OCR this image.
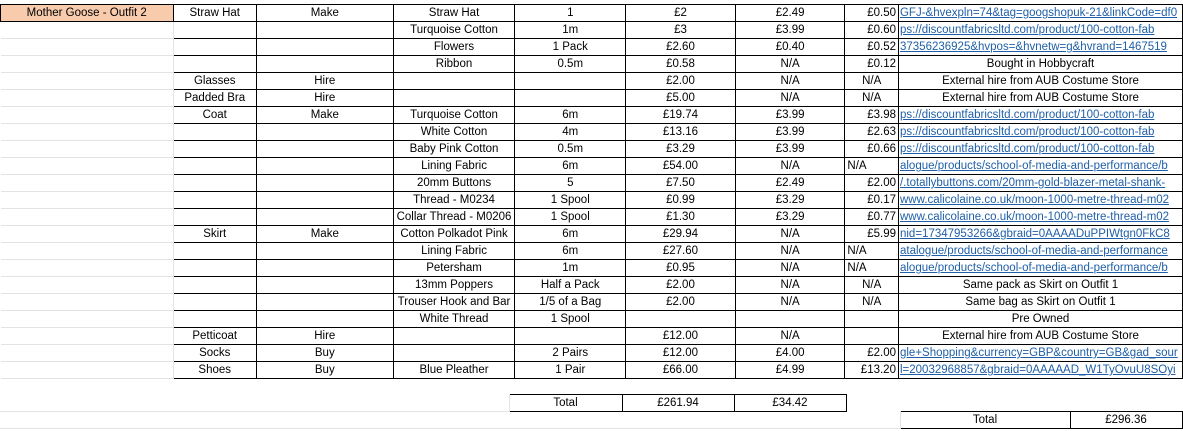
Mother Goose - Outfit 2	Straw Hat	Make	Straw Hat	1	£2	£2.49	£0.50	GFJ-&hvexpln=74&tag=googshopuk-21&linkCode=df0
			Turquoise Cotton	1m	£3	£3.99	£0.60	ps://discountfabricsltd.com/product/100-cotton-fab
			Flowers	1 Pack	£2.60	£0.40	£0.52	37356236925&hvpos=&hvnetw=g&hvrand=1467519
			Ribbon	0.5m	£0.58	N/A	£0.12	Bought in Hobbycraft
	Glasses	Hire			£2.00	N/A	N/A	External hire from AUB Costume Store
	Padded Bra	Hire			£5.00	N/A	N/A	External hire from AUB Costume Store
	Coat	Make	Turquoise Cotton	6m	£19.74	£3.99	£3.98	ps://discountfabricsltd.com/product/100-cotton-fab
			White Cotton	4m	£13.16	£3.99	£2.63	ps://discountfabricsltd.com/product/100-cotton-fab
			Baby Pink Cotton	0.5m	£3.29	£3.99	£0.66	ps://discountfabricsltd.com/product/100-cotton-fab
			Lining Fabric	6m	£54.00	N/A	N/A	alogue/products/school-of-media-and-performance/b
			20mm Buttons	5	£7.50	£2.49	£2.00	/.totallybuttons.com/20mm-gold-blazer-metal-shank-
			Thread - M0234	1 Spool	£0.99	£3.29	£0.17	www.calicolaine.co.uk/moon-1000-metre-thread-m02
			Collar Thread - M0206	1 Spool	£1.30	£3.29	£0.77	www.calicolaine.co.uk/moon-1000-metre-thread-m02
	Skirt	Make	Cotton Polkadot Pink	6m	£29.94	N/A	£5.99	nid=17347953266&gbraid=0AAAADuPPIWtgn0FkC8
			Lining Fabric	6m	£27.60	N/A	N/A	atalogue/products/school-of-media-and-performance
			Petersham	1m	£0.95	N/A	N/A	alogue/products/school-of-media-and-performance/b
			13mm Poppers	Half a Pack	£2.00	N/A	N/A	Same pack as Skirt on Outfit 1
			Trouser Hook and Bar	1/5 of a Bag	£2.00	N/A	N/A	Same bag as Skirt on Outfit 1
			White Thread	1 Spool				Pre Owned
	Petticoat	Hire			£12.00	N/A		External hire from AUB Costume Store
	Socks	Buy		2 Pairs	£12.00	£4.00	£2.00	gle+Shopping&currency=GBP&country=GB&gad_sour
	Shoes	Buy	Blue Pleather	1 Pair	£66.00	£4.99	£13.20	l=20032968857&gbraid=0AAAAAD_W1TyOvuU8SOyi
	Total	£261.94	£34.42
	Total	£296.36
